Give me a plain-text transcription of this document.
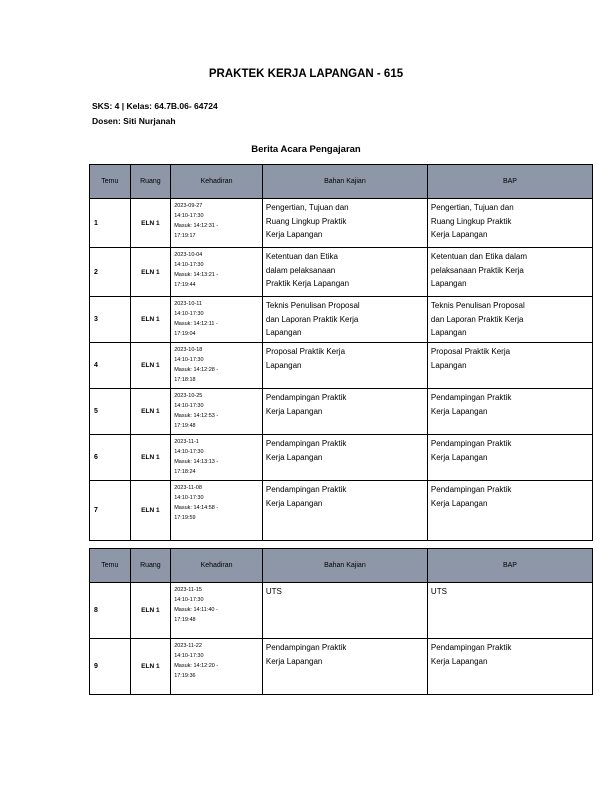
PRAKTEK KERJA LAPANGAN - 615
SKS: 4 | Kelas: 64.7B.06- 64724
Dosen: Siti Nurjanah
Berita Acara Pengajaran
Temu	Ruang	Kehadiran	Bahan Kajian	BAP

1	ELN 1	2023-09-27
14:10-17:30
Masuk: 14:12:31 -
17:19:17	Pengertian, Tujuan dan
Ruang Lingkup Praktik
Kerja Lapangan	Pengertian, Tujuan dan
Ruang Lingkup Praktik
Kerja Lapangan

2	ELN 1	2023-10-04
14:10-17:30
Masuk: 14:13:21 -
17:19:44	Ketentuan dan Etika
dalam pelaksanaan
Praktik Kerja Lapangan	Ketentuan dan Etika dalam
pelaksanaan Praktik Kerja
Lapangan

3	ELN 1	2023-10-11
14:10-17:30
Masuk: 14:12:11 -
17:19:04	Teknis Penulisan Proposal
dan Laporan Praktik Kerja
Lapangan	Teknis Penulisan Proposal
dan Laporan Praktik Kerja
Lapangan

4	ELN 1	2023-10-18
14:10-17:30
Masuk: 14:12:28 -
17:18:18	Proposal Praktik Kerja
Lapangan	Proposal Praktik Kerja
Lapangan

5	ELN 1	2023-10-25
14:10-17:30
Masuk: 14:12:53 -
17:19:48	Pendampingan Praktik
Kerja Lapangan	Pendampingan Praktik
Kerja Lapangan

6	ELN 1	2023-11-1
14:10-17:30
Masuk: 14:13:13 -
17:18:24	Pendampingan Praktik
Kerja Lapangan	Pendampingan Praktik
Kerja Lapangan

7	ELN 1	2023-11-08
14:10-17:30
Masuk: 14:14:58 -
17:19:59	Pendampingan Praktik
Kerja Lapangan	Pendampingan Praktik
Kerja Lapangan
Temu	Ruang	Kehadiran	Bahan Kajian	BAP

8	ELN 1	2023-11-15
14:10-17:30
Masuk: 14:11:40 -
17:19:48	UTS	UTS

9	ELN 1	2023-11-22
14:10-17:30
Masuk: 14:12:20 -
17:19:36	Pendampingan Praktik
Kerja Lapangan	Pendampingan Praktik
Kerja Lapangan
